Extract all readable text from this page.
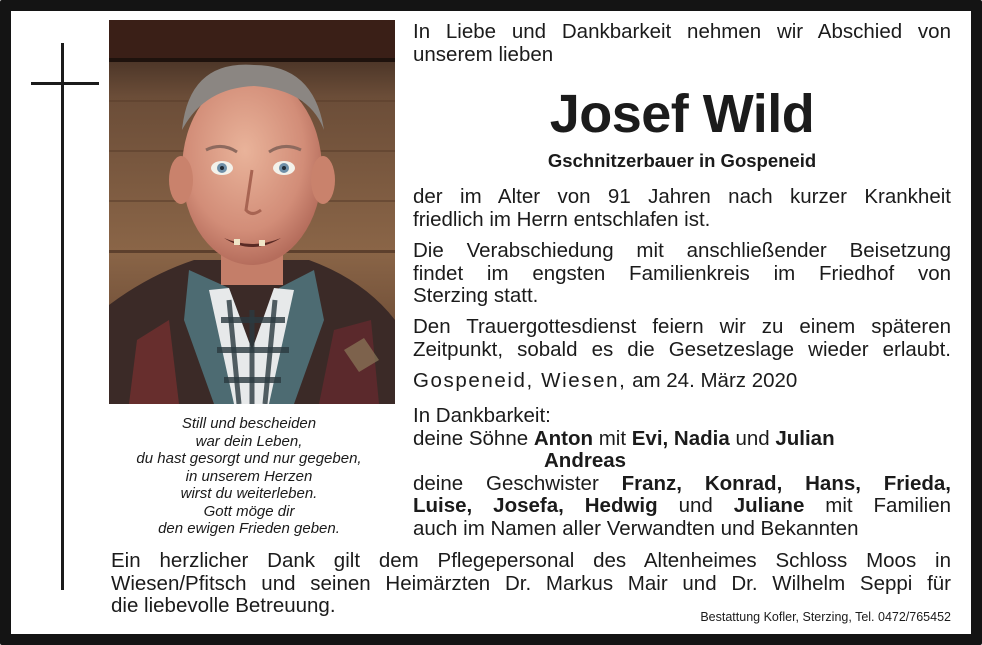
Still und bescheiden
war dein Leben,
du hast gesorgt und nur gegeben,
in unserem Herzen
wirst du weiterleben.
Gott möge dir
den ewigen Frieden geben.
In Liebe und Dankbarkeit nehmen wir Abschied von
unserem lieben
Josef Wild
Gschnitzerbauer in Gospeneid
der im Alter von 91 Jahren nach kurzer Krankheit
friedlich im Herrn entschlafen ist.
Die Verabschiedung mit anschließender Beisetzung
findet im engsten Familienkreis im Friedhof von
Sterzing statt.
Den Trauergottesdienst feiern wir zu einem späteren
Zeitpunkt, sobald es die Gesetzeslage wieder erlaubt.
Gospeneid, Wiesen, am 24. März 2020
In Dankbarkeit:
deine Söhne Anton mit Evi, Nadia und Julian
Andreas
deine Geschwister Franz, Konrad, Hans, Frieda,
Luise, Josefa, Hedwig und Juliane mit Familien
auch im Namen aller Verwandten und Bekannten
Ein herzlicher Dank gilt dem Pflegepersonal des Altenheimes Schloss Moos in
Wiesen/Pfitsch und seinen Heimärzten Dr. Markus Mair und Dr. Wilhelm Seppi für
die liebevolle Betreuung.	Bestattung Kofler, Sterzing, Tel. 0472/765452
